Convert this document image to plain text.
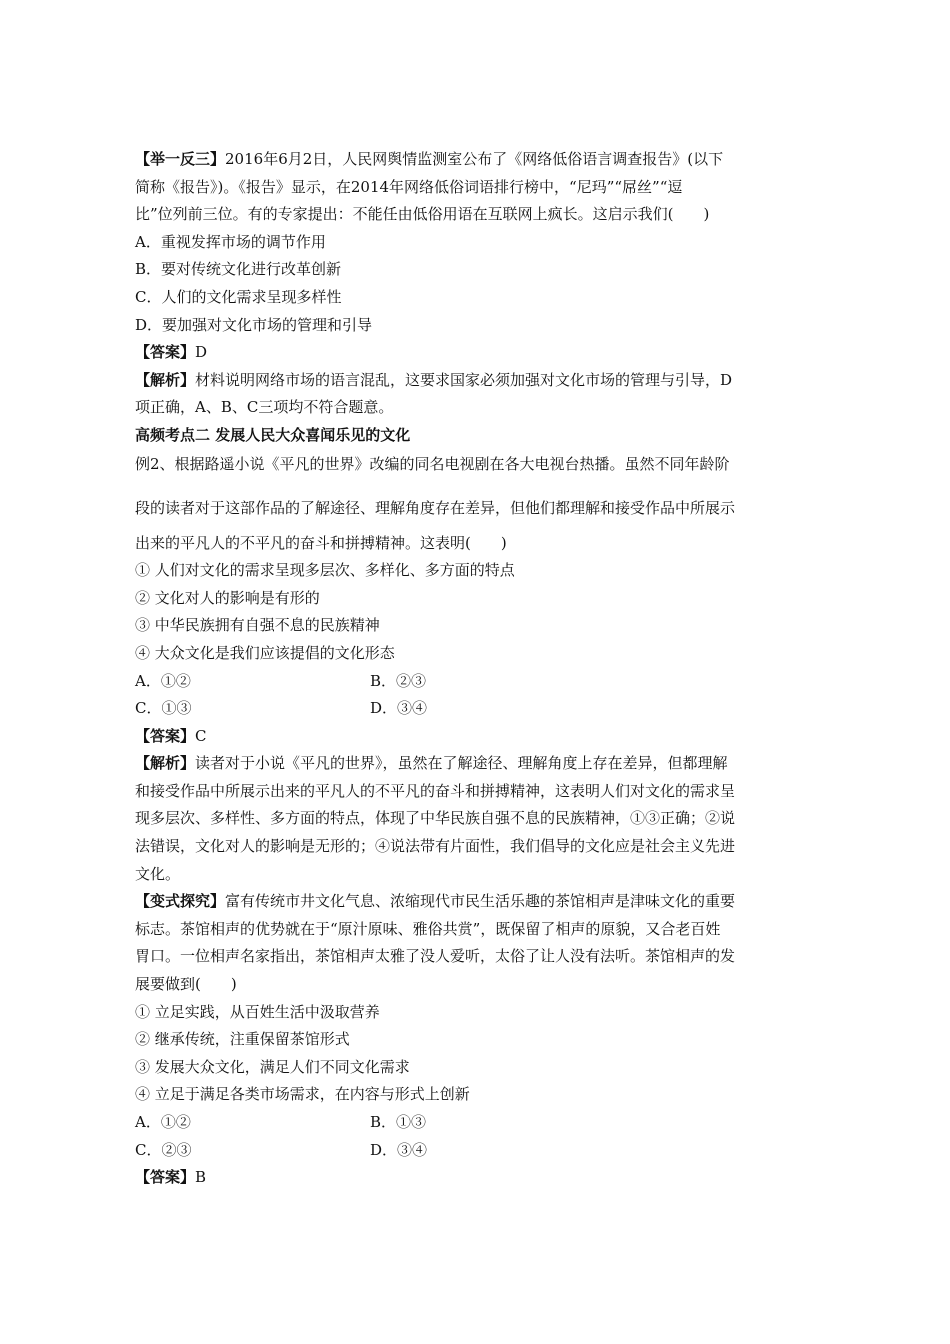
【举一反三】2016年6月2日，人民网舆情监测室公布了《网络低俗语言调查报告》(以下
简称《报告》)。《报告》显示，在2014年网络低俗词语排行榜中，“尼玛”“屌丝”“逗
比”位列前三位。有的专家提出：不能任由低俗用语在互联网上疯长。这启示我们(　　)
A．重视发挥市场的调节作用
B．要对传统文化进行改革创新
C．人们的文化需求呈现多样性
D．要加强对文化市场的管理和引导
【答案】D
【解析】材料说明网络市场的语言混乱，这要求国家必须加强对文化市场的管理与引导，D
项正确，A、B、C三项均不符合题意。
高频考点二 发展人民大众喜闻乐见的文化
例2、根据路遥小说《平凡的世界》改编的同名电视剧在各大电视台热播。虽然不同年龄阶
段的读者对于这部作品的了解途径、理解角度存在差异，但他们都理解和接受作品中所展示
出来的平凡人的不平凡的奋斗和拼搏精神。这表明(　　)
① 人们对文化的需求呈现多层次、多样化、多方面的特点
② 文化对人的影响是有形的
③ 中华民族拥有自强不息的民族精神
④ 大众文化是我们应该提倡的文化形态
A．①②	B．②③
C．①③	D．③④
【答案】C
【解析】读者对于小说《平凡的世界》，虽然在了解途径、理解角度上存在差异，但都理解
和接受作品中所展示出来的平凡人的不平凡的奋斗和拼搏精神，这表明人们对文化的需求呈
现多层次、多样性、多方面的特点，体现了中华民族自强不息的民族精神，①③正确；②说
法错误，文化对人的影响是无形的；④说法带有片面性，我们倡导的文化应是社会主义先进
文化。
【变式探究】富有传统市井文化气息、浓缩现代市民生活乐趣的茶馆相声是津味文化的重要
标志。茶馆相声的优势就在于“原汁原味、雅俗共赏”，既保留了相声的原貌，又合老百姓
胃口。一位相声名家指出，茶馆相声太雅了没人爱听，太俗了让人没有法听。茶馆相声的发
展要做到(　　)
① 立足实践，从百姓生活中汲取营养
② 继承传统，注重保留茶馆形式
③ 发展大众文化，满足人们不同文化需求
④ 立足于满足各类市场需求，在内容与形式上创新
A．①②	B．①③
C．②③	D．③④
【答案】B
